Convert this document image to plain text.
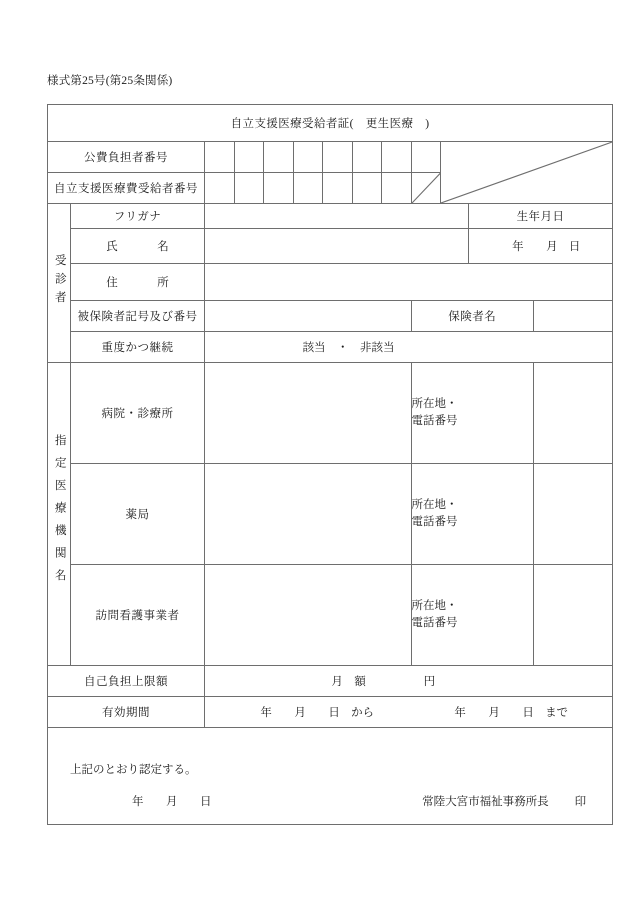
様式第25号(第25条関係)
自立支援医療受給者証(　更生医療　)												
公費負担者番号									

自立支援医療費受給者番号								

受診者	フリガナ										生年月日	
	氏　名										年 月 日	
	住　所											
	被保険者記号及び番号								保険者名			
	重度かつ継続	該当　・　非該当										
指定医療機関名	病院・診療所								所在地・
電話番号			
	薬局								所在地・
電話番号			
	訪問看護事業者								所在地・
電話番号			
自己負担上限額		月　額 円										
有効期間		年 月 日 から 年 月 日 まで										

上記のとおり認定する。
年 月 日 常陸大宮市福祉事務所長 印												
